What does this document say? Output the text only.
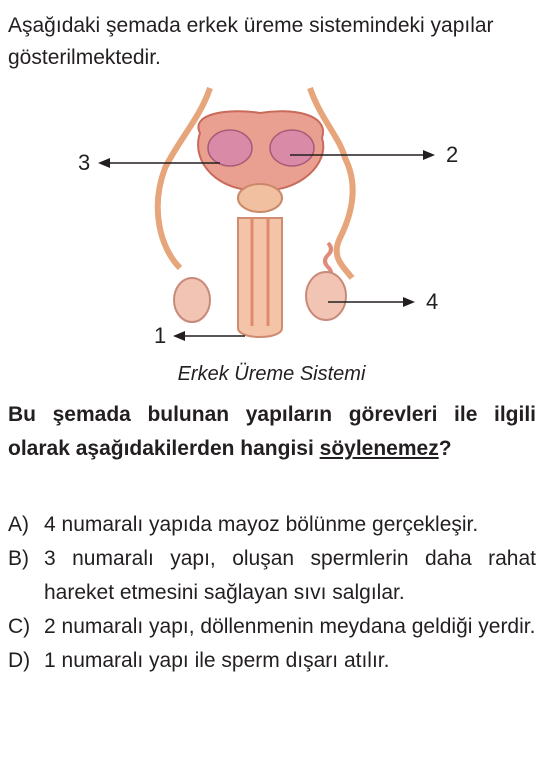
Aşağıdaki şemada erkek üreme sistemindeki yapılar gösterilmektedir.
3	2
4
1
Erkek Üreme Sistemi
Bu şemada bulunan yapıların görevleri ile ilgili olarak aşağıdakilerden hangisi söylenemez?
A) 4 numaralı yapıda mayoz bölünme gerçekleşir.
B) 3 numaralı yapı, oluşan spermlerin daha rahat hareket etmesini sağlayan sıvı salgılar.
C) 2 numaralı yapı, döllenmenin meydana geldiği yerdir.
D) 1 numaralı yapı ile sperm dışarı atılır.
